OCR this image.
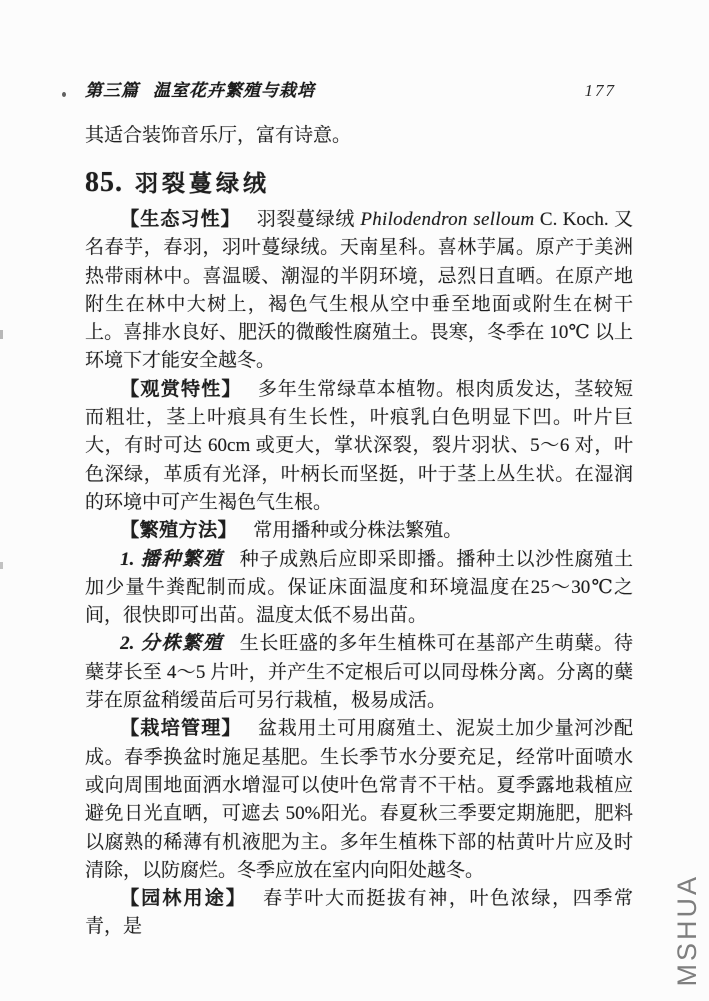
第三篇 温室花卉繁殖与栽培	177

其适合装饰音乐厅，富有诗意。

85. 羽裂蔓绿绒

【生态习性】 羽裂蔓绿绒 Philodendron selloum C. Koch. 又名春芋，春羽，羽叶蔓绿绒。天南星科。喜林芋属。原产于美洲热带雨林中。喜温暖、潮湿的半阴环境，忌烈日直晒。在原产地附生在林中大树上，褐色气生根从空中垂至地面或附生在树干上。喜排水良好、肥沃的微酸性腐殖土。畏寒，冬季在 10℃ 以上环境下才能安全越冬。

【观赏特性】 多年生常绿草本植物。根肉质发达，茎较短而粗壮，茎上叶痕具有生长性，叶痕乳白色明显下凹。叶片巨大，有时可达 60cm 或更大，掌状深裂，裂片羽状、5～6 对，叶色深绿，革质有光泽，叶柄长而坚挺，叶于茎上丛生状。在湿润的环境中可产生褐色气生根。

【繁殖方法】 常用播种或分株法繁殖。

1. 播种繁殖 种子成熟后应即采即播。播种土以沙性腐殖土加少量牛粪配制而成。保证床面温度和环境温度在25～30℃之间，很快即可出苗。温度太低不易出苗。

2. 分株繁殖 生长旺盛的多年生植株可在基部产生萌蘖。待蘖芽长至 4～5 片叶，并产生不定根后可以同母株分离。分离的蘖芽在原盆稍缓苗后可另行栽植，极易成活。

【栽培管理】 盆栽用土可用腐殖土、泥炭土加少量河沙配成。春季换盆时施足基肥。生长季节水分要充足，经常叶面喷水或向周围地面洒水增湿可以使叶色常青不干枯。夏季露地栽植应避免日光直晒，可遮去 50%阳光。春夏秋三季要定期施肥，肥料以腐熟的稀薄有机液肥为主。多年生植株下部的枯黄叶片应及时清除，以防腐烂。冬季应放在室内向阳处越冬。

【园林用途】 春芋叶大而挺拔有神，叶色浓绿，四季常青，是	MSHUA
